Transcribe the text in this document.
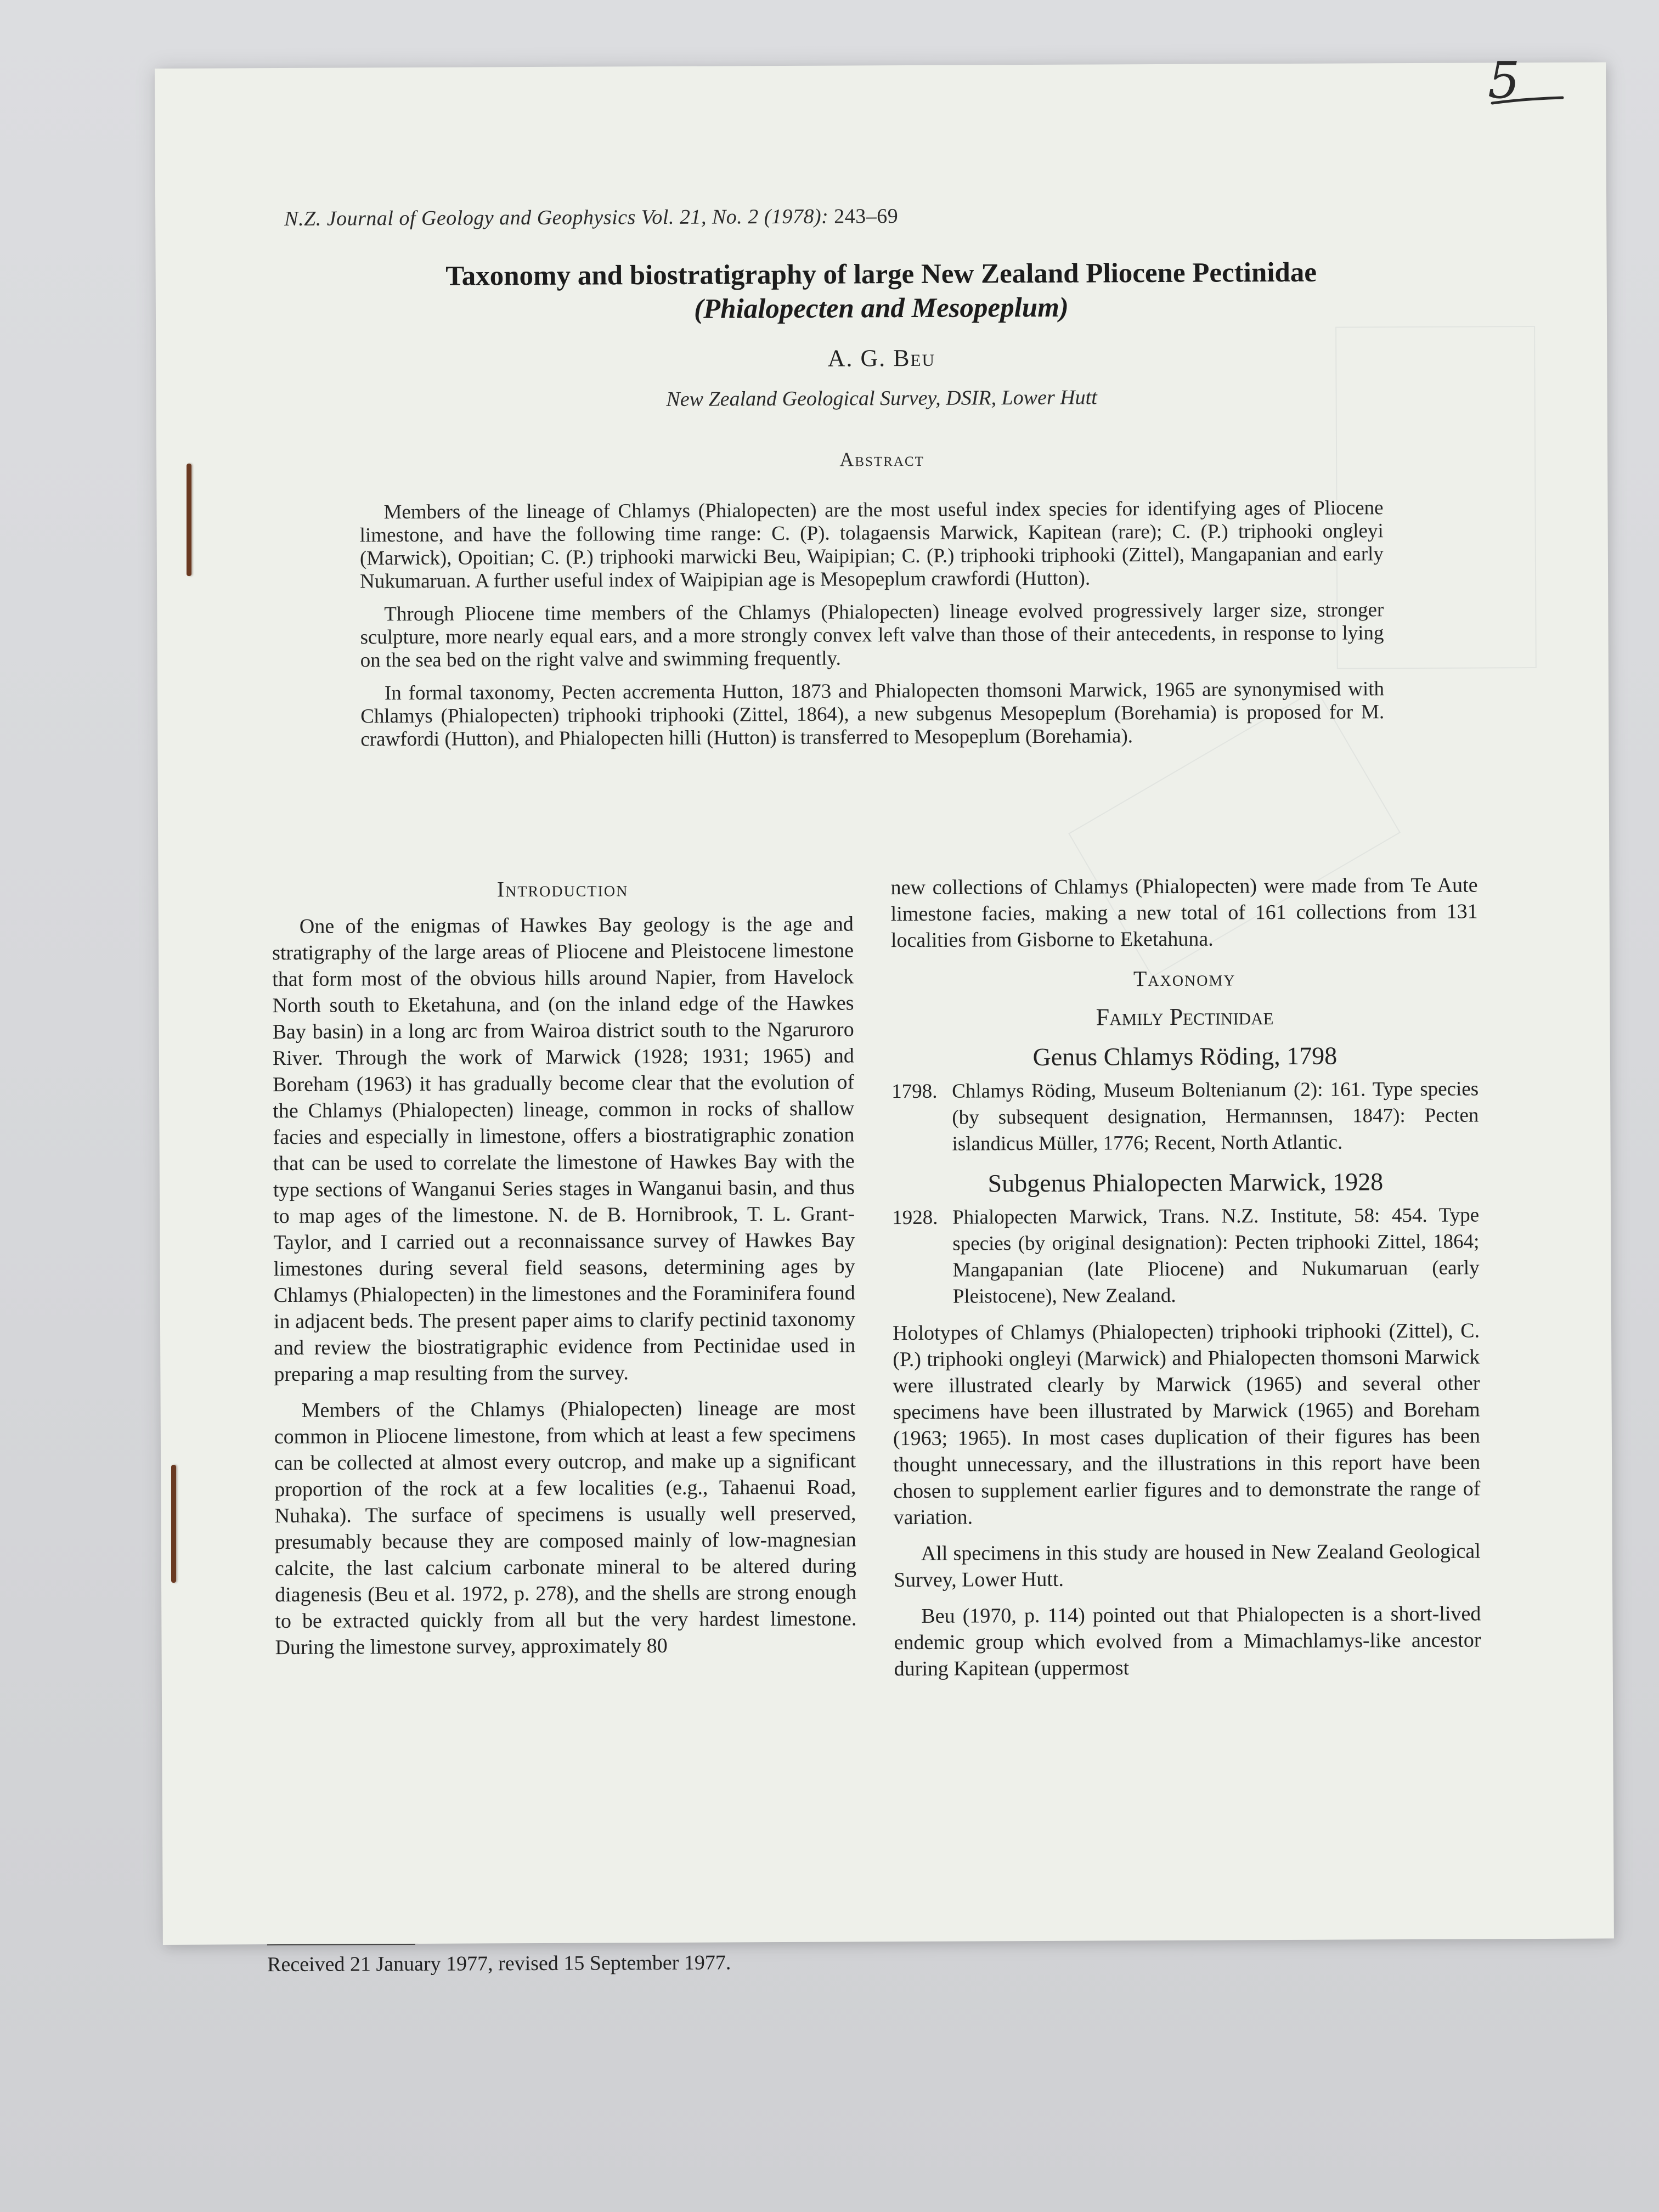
N.Z. Journal of Geology and Geophysics Vol. 21, No. 2 (1978): 243–69
Taxonomy and biostratigraphy of large New Zealand Pliocene Pectinidae
(Phialopecten and Mesopeplum)
A. G. Beu
New Zealand Geological Survey, DSIR, Lower Hutt
Abstract

Members of the lineage of Chlamys (Phialopecten) are the most useful index species for identifying ages of Pliocene limestone, and have the following time range: C. (P). tolagaensis Marwick, Kapitean (rare); C. (P.) triphooki ongleyi (Marwick), Opoitian; C. (P.) triphooki marwicki Beu, Waipipian; C. (P.) triphooki triphooki (Zittel), Mangapanian and early Nukumaruan. A further useful index of Waipipian age is Mesopeplum crawfordi (Hutton).

Through Pliocene time members of the Chlamys (Phialopecten) lineage evolved progressively larger size, stronger sculpture, more nearly equal ears, and a more strongly convex left valve than those of their antecedents, in response to lying on the sea bed on the right valve and swimming frequently.

In formal taxonomy, Pecten accrementa Hutton, 1873 and Phialopecten thomsoni Marwick, 1965 are synonymised with Chlamys (Phialopecten) triphooki triphooki (Zittel, 1864), a new subgenus Mesopeplum (Borehamia) is proposed for M. crawfordi (Hutton), and Phialopecten hilli (Hutton) is transferred to Mesopeplum (Borehamia).

Introduction

One of the enigmas of Hawkes Bay geology is the age and stratigraphy of the large areas of Pliocene and Pleistocene limestone that form most of the obvious hills around Napier, from Havelock North south to Eketahuna, and (on the inland edge of the Hawkes Bay basin) in a long arc from Wairoa district south to the Ngaruroro River. Through the work of Marwick (1928; 1931; 1965) and Boreham (1963) it has gradually become clear that the evolution of the Chlamys (Phialopecten) lineage, common in rocks of shallow facies and especially in limestone, offers a biostratigraphic zonation that can be used to correlate the limestone of Hawkes Bay with the type sections of Wanganui Series stages in Wanganui basin, and thus to map ages of the limestone. N. de B. Hornibrook, T. L. Grant-Taylor, and I carried out a reconnaissance survey of Hawkes Bay limestones during several field seasons, determining ages by Chlamys (Phialopecten) in the limestones and the Foraminifera found in adjacent beds. The present paper aims to clarify pectinid taxonomy and review the biostratigraphic evidence from Pectinidae used in preparing a map resulting from the survey.

Members of the Chlamys (Phialopecten) lineage are most common in Pliocene limestone, from which at least a few specimens can be collected at almost every outcrop, and make up a significant proportion of the rock at a few localities (e.g., Tahaenui Road, Nuhaka). The surface of specimens is usually well preserved, presumably because they are composed mainly of low-magnesian calcite, the last calcium carbonate mineral to be altered during diagenesis (Beu et al. 1972, p. 278), and the shells are strong enough to be extracted quickly from all but the very hardest limestone. During the limestone survey, approximately 80

new collections of Chlamys (Phialopecten) were made from Te Aute limestone facies, making a new total of 161 collections from 131 localities from Gisborne to Eketahuna.

Taxonomy

Family Pectinidae
Genus Chlamys Röding, 1798
1798. Chlamys Röding, Museum Boltenianum (2): 161. Type species (by subsequent designation, Hermannsen, 1847): Pecten islandicus Müller, 1776; Recent, North Atlantic.
Subgenus Phialopecten Marwick, 1928
1928. Phialopecten Marwick, Trans. N.Z. Institute, 58: 454. Type species (by original designation): Pecten triphooki Zittel, 1864; Mangapanian (late Pliocene) and Nukumaruan (early Pleistocene), New Zealand.

Holotypes of Chlamys (Phialopecten) triphooki triphooki (Zittel), C. (P.) triphooki ongleyi (Marwick) and Phialopecten thomsoni Marwick were illustrated clearly by Marwick (1965) and several other specimens have been illustrated by Marwick (1965) and Boreham (1963; 1965). In most cases duplication of their figures has been thought unnecessary, and the illustrations in this report have been chosen to supplement earlier figures and to demonstrate the range of variation.

All specimens in this study are housed in New Zealand Geological Survey, Lower Hutt.

Beu (1970, p. 114) pointed out that Phialopecten is a short-lived endemic group which evolved from a Mimachlamys-like ancestor during Kapitean (uppermost

Received 21 January 1977, revised 15 September 1977.
5
